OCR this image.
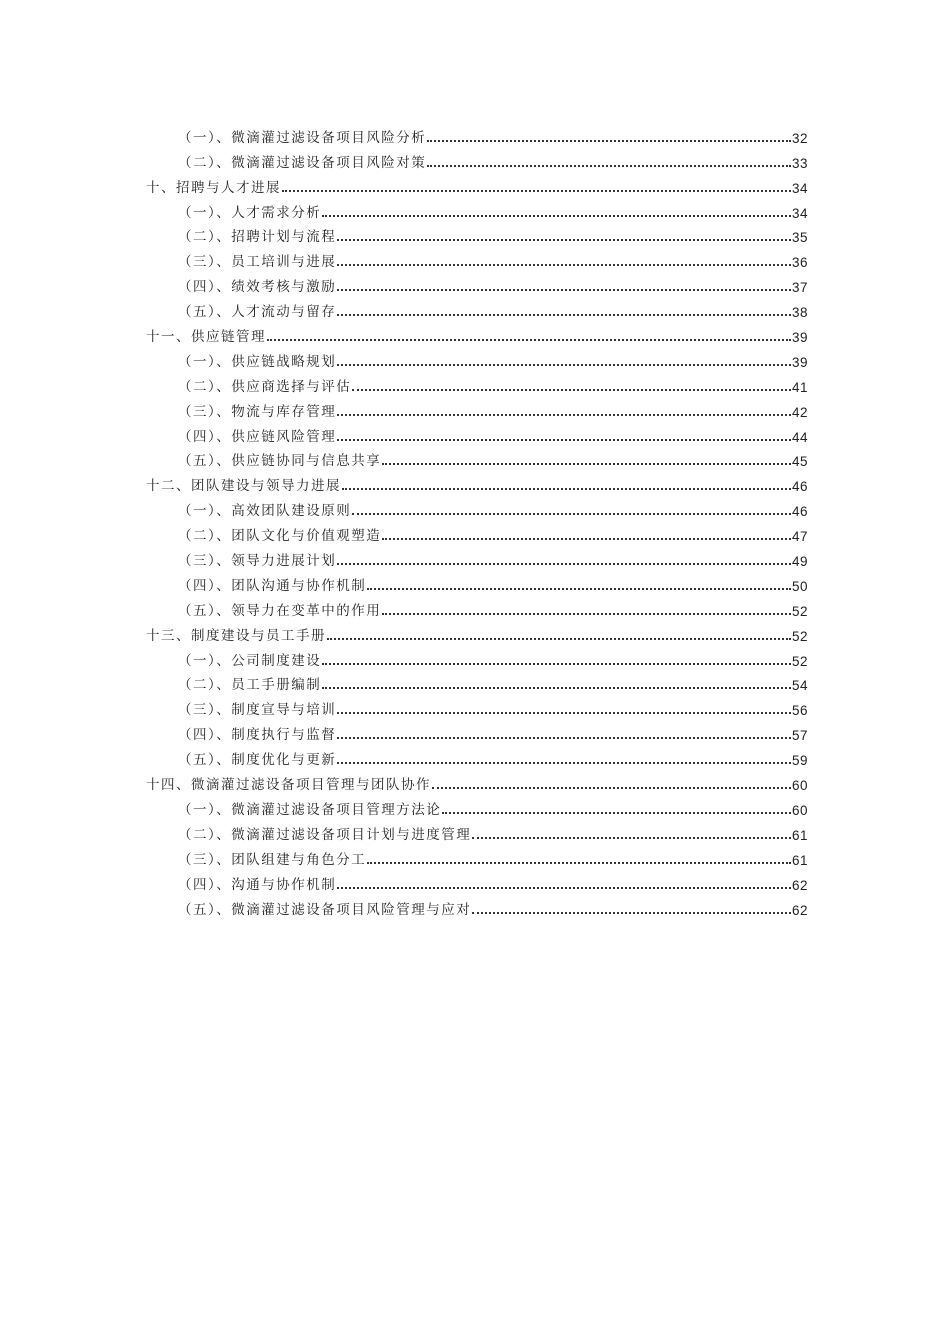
（一）、微滴灌过滤设备项目风险分析	32
（二）、微滴灌过滤设备项目风险对策	33
十、招聘与人才进展	34
（一）、人才需求分析	34
（二）、招聘计划与流程	35
（三）、员工培训与进展	36
（四）、绩效考核与激励	37
（五）、人才流动与留存	38
十一、供应链管理	39
（一）、供应链战略规划	39
（二）、供应商选择与评估	41
（三）、物流与库存管理	42
（四）、供应链风险管理	44
（五）、供应链协同与信息共享	45
十二、团队建设与领导力进展	46
（一）、高效团队建设原则	46
（二）、团队文化与价值观塑造	47
（三）、领导力进展计划	49
（四）、团队沟通与协作机制	50
（五）、领导力在变革中的作用	52
十三、制度建设与员工手册	52
（一）、公司制度建设	52
（二）、员工手册编制	54
（三）、制度宣导与培训	56
（四）、制度执行与监督	57
（五）、制度优化与更新	59
十四、微滴灌过滤设备项目管理与团队协作	60
（一）、微滴灌过滤设备项目管理方法论	60
（二）、微滴灌过滤设备项目计划与进度管理	61
（三）、团队组建与角色分工	61
（四）、沟通与协作机制	62
（五）、微滴灌过滤设备项目风险管理与应对	62
